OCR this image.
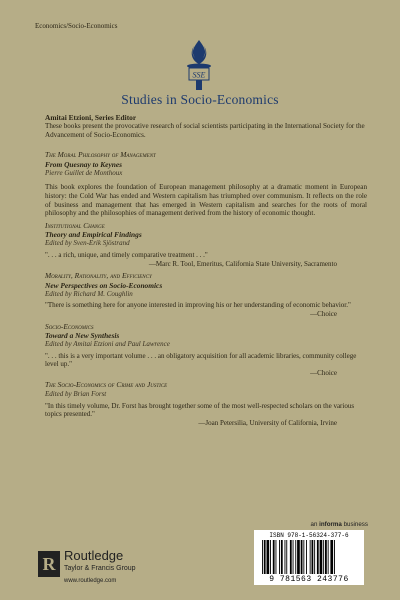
Economics/Socio-Economics
SSE
Studies in Socio-Economics
Amitai Etzioni, Series Editor
These books present the provocative research of social scientists participating in the International Society for the Advancement of Socio-Economics.
The Moral Philosophy of Management
From Quesnay to Keynes
Pierre Guillet de Monthoux
This book explores the foundation of European management philosophy at a dramatic moment in European history: the Cold War has ended and Western capitalism has triumphed over communism. It reflects on the role of business and management that has emerged in Western capitalism and searches for the roots of moral philosophy and the philosophies of management derived from the history of economic thought.
Institutional Change
Theory and Empirical Findings
Edited by Sven-Erik Sjöstrand
". . . a rich, unique, and timely comparative treatment . . ."
—Marc R. Tool, Emeritus, California State University, Sacramento
Morality, Rationality, and Efficiency
New Perspectives on Socio-Economics
Edited by Richard M. Coughlin
"There is something here for anyone interested in improving his or her understanding of economic behavior."
—Choice
Socio-Economics
Toward a New Synthesis
Edited by Amitai Etzioni and Paul Lawrence
". . . this is a very important volume . . . an obligatory acquisition for all academic libraries, community college level up."
—Choice
The Socio-Economics of Crime and Justice
Edited by Brian Forst
"In this timely volume, Dr. Forst has brought together some of the most well-respected scholars on the various topics presented."
—Joan Petersilia, University of California, Irvine
an informa business
R Routledge
Taylor & Francis Group
www.routledge.com
ISBN 978-1-56324-377-6
9 781563 243776
